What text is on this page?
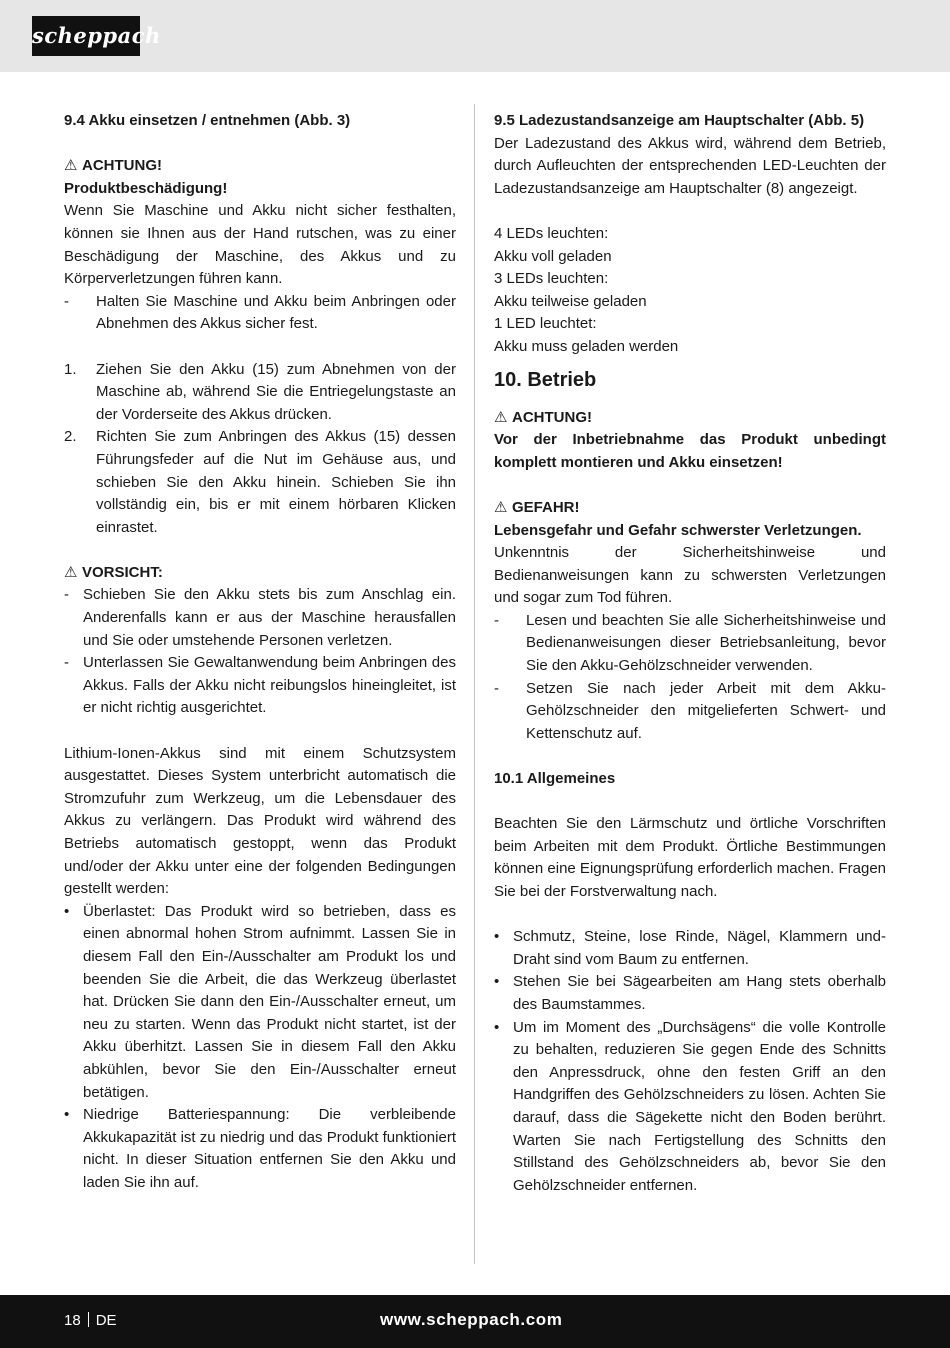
scheppach

9.4 Akku einsetzen / entnehmen (Abb. 3)

⚠ ACHTUNG!

Produktbeschädigung!

Wenn Sie Maschine und Akku nicht sicher festhalten, können sie Ihnen aus der Hand rutschen, was zu einer Beschädigung der Maschine, des Akkus und zu Körperverletzungen führen kann.

- Halten Sie Maschine und Akku beim Anbringen oder Abnehmen des Akkus sicher fest.
1. Ziehen Sie den Akku (15) zum Abnehmen von der Maschine ab, während Sie die Entriegelungstaste an der Vorderseite des Akkus drücken.
2. Richten Sie zum Anbringen des Akkus (15) dessen Führungsfeder auf die Nut im Gehäuse aus, und schieben Sie den Akku hinein. Schieben Sie ihn vollständig ein, bis er mit einem hörbaren Klicken einrastet.

⚠ VORSICHT:

- Schieben Sie den Akku stets bis zum Anschlag ein. Anderenfalls kann er aus der Maschine herausfallen und Sie oder umstehende Personen verletzen.
- Unterlassen Sie Gewaltanwendung beim Anbringen des Akkus. Falls der Akku nicht reibungslos hineingleitet, ist er nicht richtig ausgerichtet.

Lithium-Ionen-Akkus sind mit einem Schutzsystem ausgestattet. Dieses System unterbricht automatisch die Stromzufuhr zum Werkzeug, um die Lebensdauer des Akkus zu verlängern. Das Produkt wird während des Betriebs automatisch gestoppt, wenn das Produkt und/oder der Akku unter eine der folgenden Bedingungen gestellt werden:

• Überlastet: Das Produkt wird so betrieben, dass es einen abnormal hohen Strom aufnimmt. Lassen Sie in diesem Fall den Ein-/Ausschalter am Produkt los und beenden Sie die Arbeit, die das Werkzeug überlastet hat. Drücken Sie dann den Ein-/Ausschalter erneut, um neu zu starten. Wenn das Produkt nicht startet, ist der Akku überhitzt. Lassen Sie in diesem Fall den Akku abkühlen, bevor Sie den Ein-/Ausschalter erneut betätigen.
• Niedrige Batteriespannung: Die verbleibende Akkukapazität ist zu niedrig und das Produkt funktioniert nicht. In dieser Situation entfernen Sie den Akku und laden Sie ihn auf.

9.5 Ladezustandsanzeige am Hauptschalter (Abb. 5)

Der Ladezustand des Akkus wird, während dem Betrieb, durch Aufleuchten der entsprechenden LED-Leuchten der Ladezustandsanzeige am Hauptschalter (8) angezeigt.

4 LEDs leuchten:

Akku voll geladen

3 LEDs leuchten:

Akku teilweise geladen

1 LED leuchtet:

Akku muss geladen werden

10. Betrieb

⚠ ACHTUNG!

Vor der Inbetriebnahme das Produkt unbedingt komplett montieren und Akku einsetzen!

⚠ GEFAHR!

Lebensgefahr und Gefahr schwerster Verletzungen.

Unkenntnis der Sicherheitshinweise und Bedienanweisungen kann zu schwersten Verletzungen und sogar zum Tod führen.

- Lesen und beachten Sie alle Sicherheitshinweise und Bedienanweisungen dieser Betriebsanleitung, bevor Sie den Akku-Gehölzschneider verwenden.
- Setzen Sie nach jeder Arbeit mit dem Akku-Gehölzschneider den mitgelieferten Schwert- und Kettenschutz auf.

10.1 Allgemeines

Beachten Sie den Lärmschutz und örtliche Vorschriften beim Arbeiten mit dem Produkt. Örtliche Bestimmungen können eine Eignungsprüfung erforderlich machen. Fragen Sie bei der Forstverwaltung nach.

• Schmutz, Steine, lose Rinde, Nägel, Klammern und-Draht sind vom Baum zu entfernen.
• Stehen Sie bei Sägearbeiten am Hang stets oberhalb des Baumstammes.
• Um im Moment des „Durchsägens“ die volle Kontrolle zu behalten, reduzieren Sie gegen Ende des Schnitts den Anpressdruck, ohne den festen Griff an den Handgriffen des Gehölzschneiders zu lösen. Achten Sie darauf, dass die Sägekette nicht den Boden berührt. Warten Sie nach Fertigstellung des Schnitts den Stillstand des Gehölzschneiders ab, bevor Sie den Gehölzschneider entfernen.
18 DE	www.scheppach.com
